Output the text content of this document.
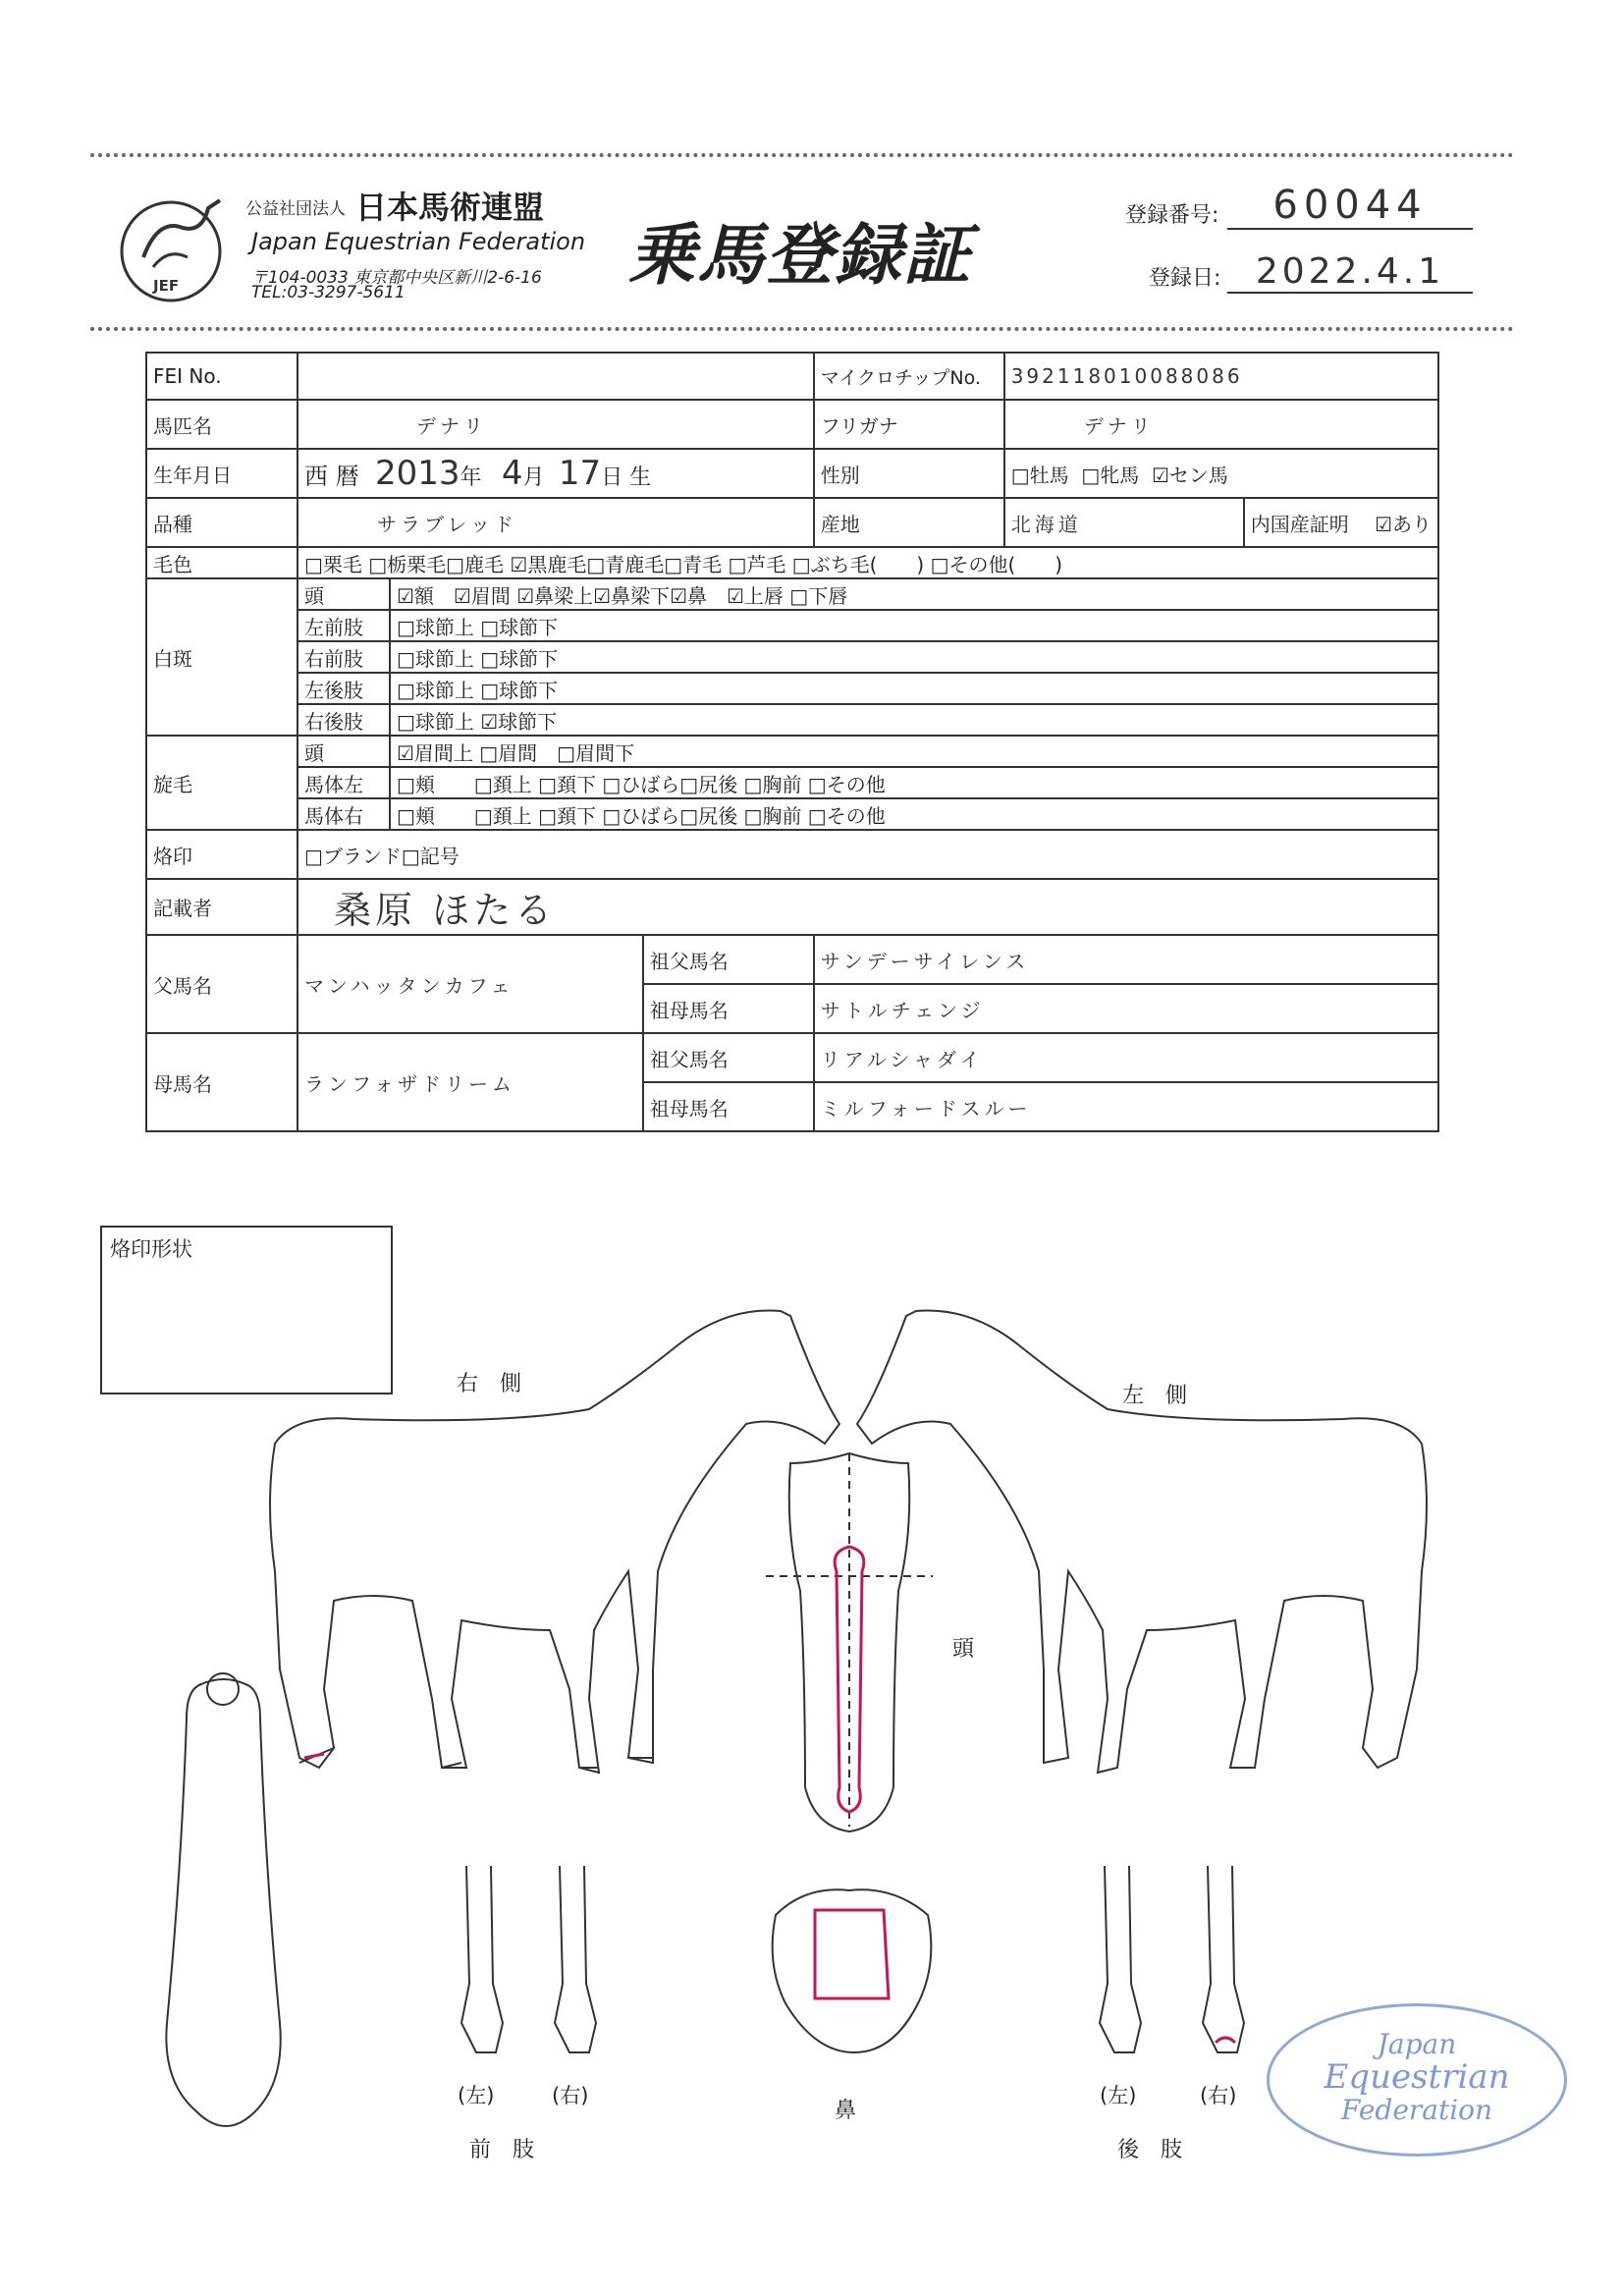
JEF
公益社団法人 日本馬術連盟
Japan Equestrian Federation
〒104-0033 東京都中央区新川2-6-16
TEL:03-3297-5611	乗馬登録証
登録番号:	60044
登録日: 2022.4.1
FEI No.		マイクロチップNo.	392118010088086
馬匹名	デナリ	フリガナ	デナリ
生年月日	西 暦 2013年 4月 17日 生	性別	□牡馬 □牝馬 ☑セン馬
品種	サラブレッド	産地	北海道	内国産証明 ☑あり
毛色	□栗毛 □栃栗毛□鹿毛 ☑黒鹿毛□青鹿毛□青毛 □芦毛 □ぶち毛(　　) □その他(　　)

白斑	
	頭	☑額　☑眉間 ☑鼻梁上☑鼻梁下☑鼻　☑上唇 □下唇
左前肢	□球節上 □球節下
右前肢	□球節上 □球節下
左後肢	□球節上 □球節下
右後肢	□球節上 ☑球節下
旋毛	頭	☑眉間上 □眉間　□眉間下
馬体左	□頬　　□頚上 □頚下 □ひばら□尻後 □胸前 □その他
馬体右	□頬　　□頚上 □頚下 □ひばら□尻後 □胸前 □その他
烙印	□ブランド□記号
記載者	桑原 ほたる
父馬名	マンハッタンカフェ	祖父馬名	サンデーサイレンス
祖母馬名	サトルチェンジ
母馬名	ランフォザドリーム	祖父馬名	リアルシャダイ
祖母馬名	ミルフォードスルー
烙印形状
右　側	左　側
頭
鼻
(左)	(右)
前　肢
(左)	(右)
後　肢
Japan
Equestrian
Federation
